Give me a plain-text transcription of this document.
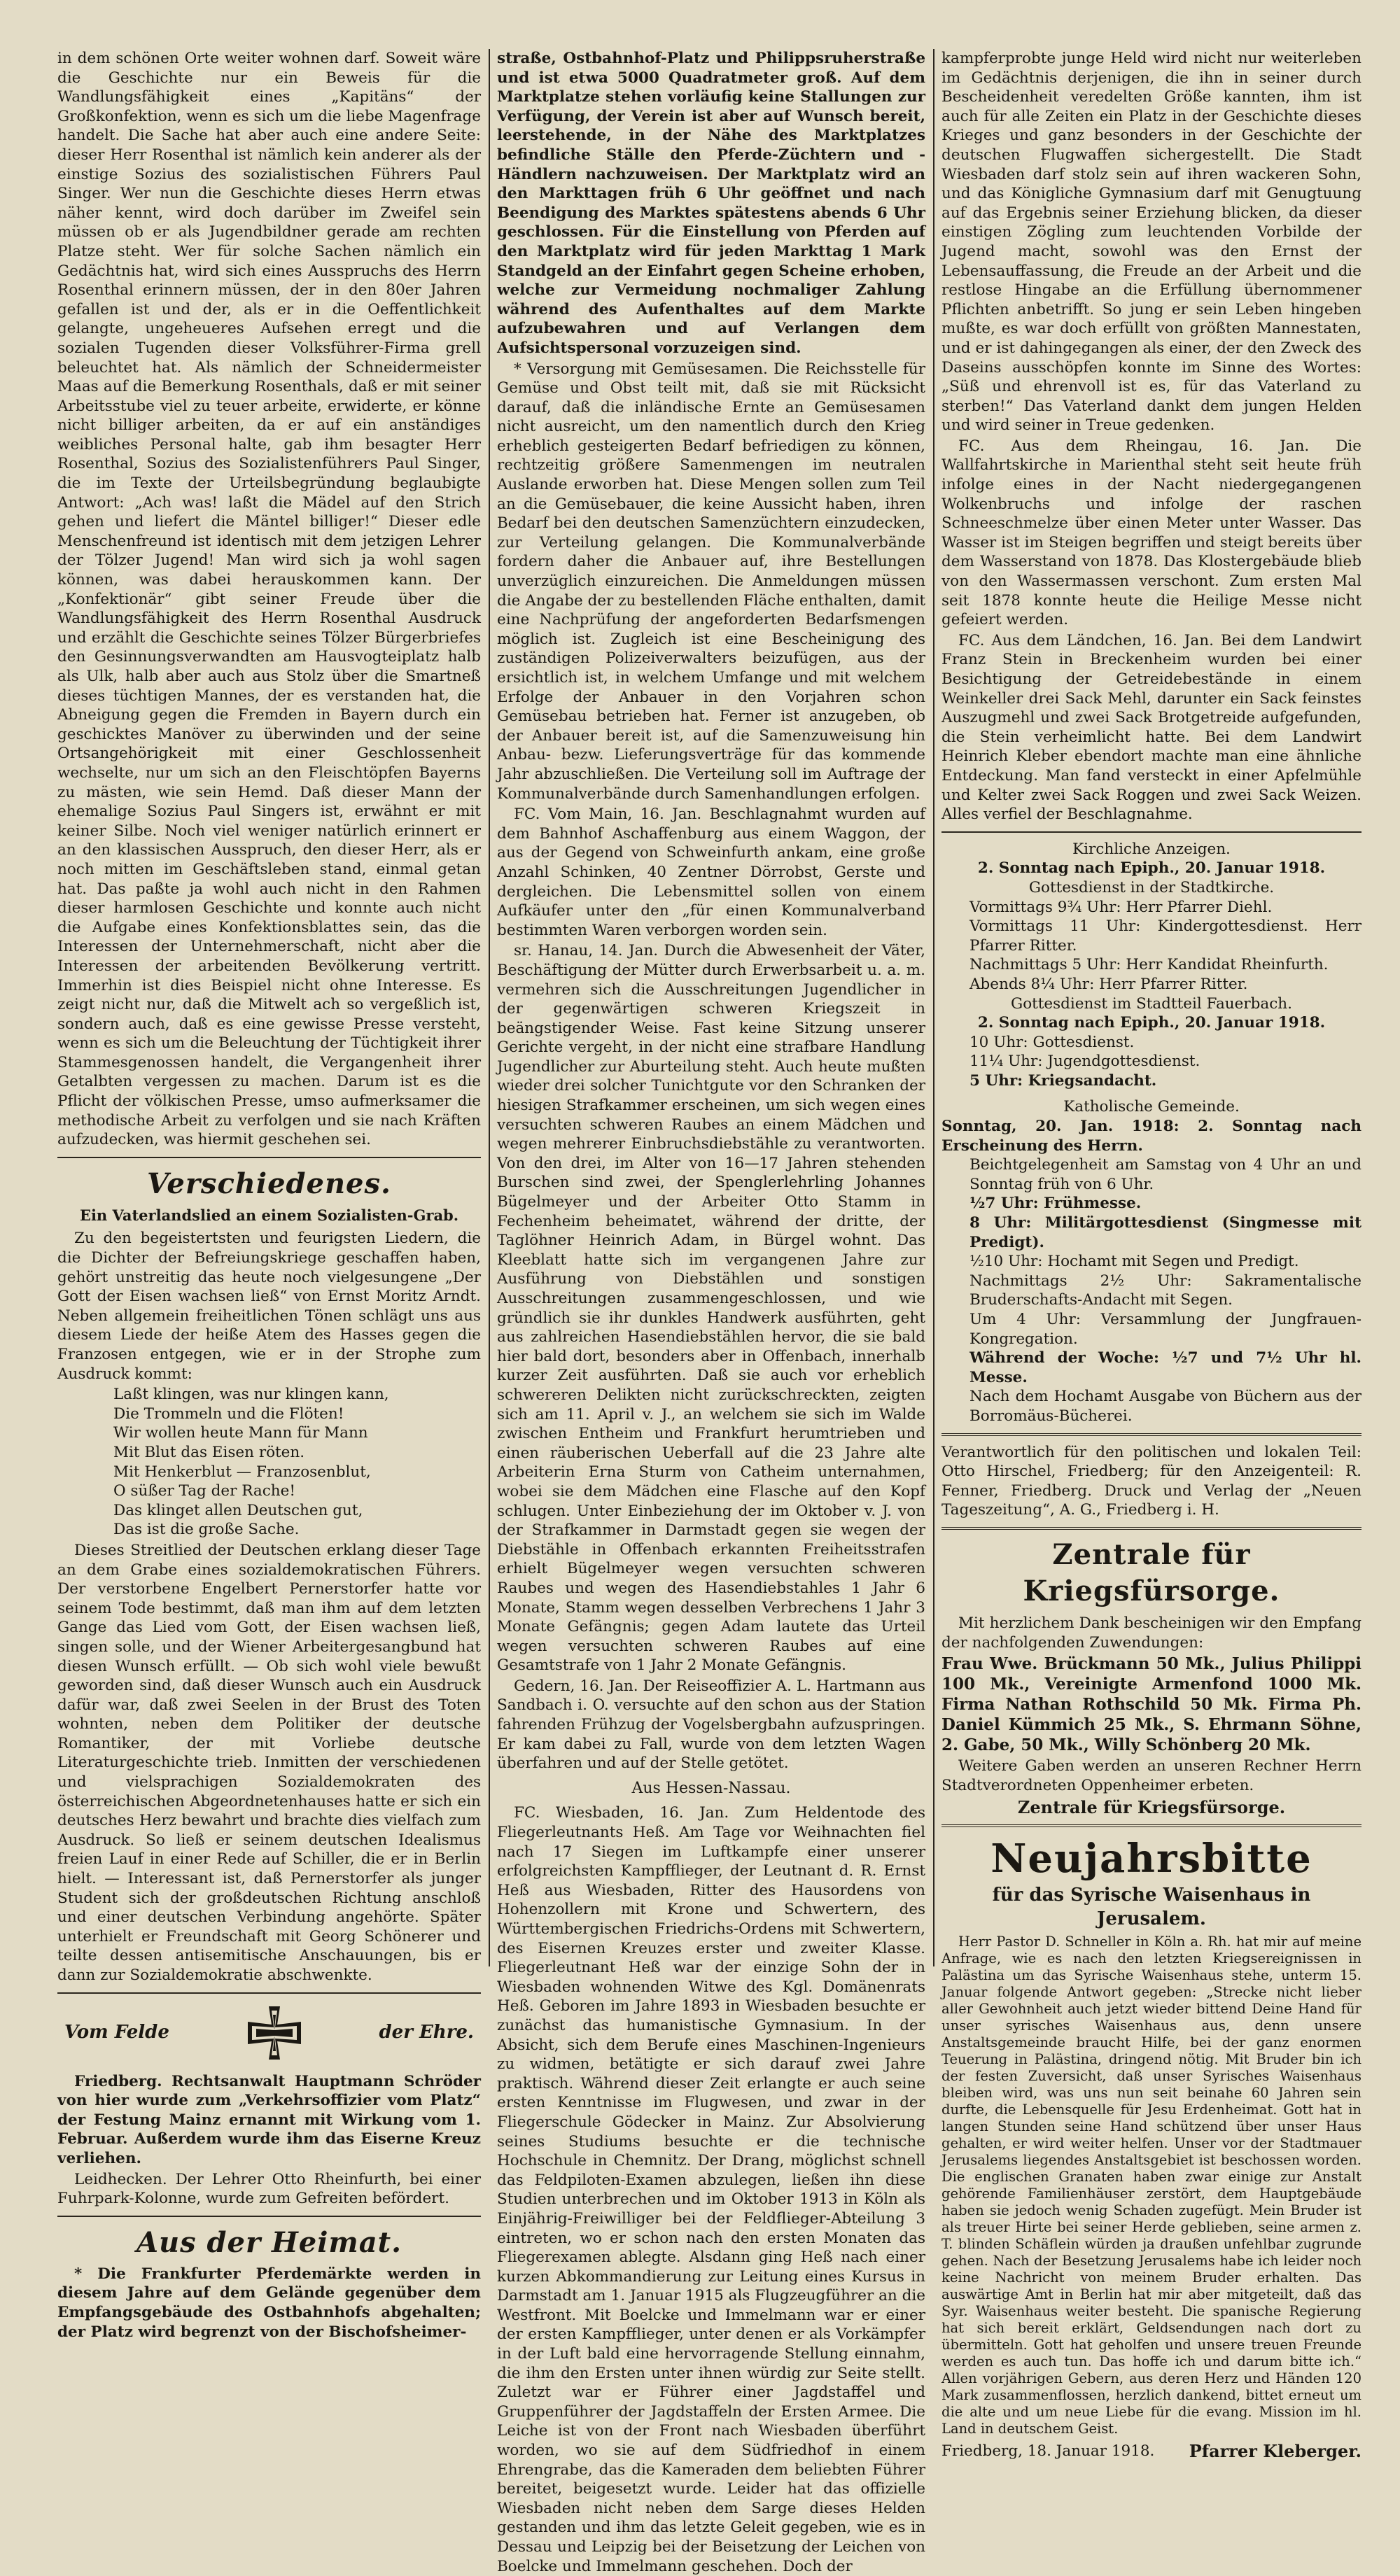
in dem schönen Orte weiter wohnen darf. Soweit wäre die Geschichte nur ein Beweis für die Wandlungsfähigkeit eines „Kapitäns“ der Großkonfektion, wenn es sich um die liebe Magenfrage handelt. Die Sache hat aber auch eine andere Seite: dieser Herr Rosenthal ist nämlich kein anderer als der einstige Sozius des sozialistischen Führers Paul Singer. Wer nun die Geschichte dieses Herrn etwas näher kennt, wird doch darüber im Zweifel sein müssen ob er als Jugendbildner gerade am rechten Platze steht. Wer für solche Sachen nämlich ein Gedächtnis hat, wird sich eines Ausspruchs des Herrn Rosenthal erinnern müssen, der in den 80er Jahren gefallen ist und der, als er in die Oeffentlichkeit gelangte, ungeheueres Aufsehen erregt und die sozialen Tugenden dieser Volksführer-Firma grell beleuchtet hat. Als nämlich der Schneidermeister Maas auf die Bemerkung Rosenthals, daß er mit seiner Arbeitsstube viel zu teuer arbeite, erwiderte, er könne nicht billiger arbeiten, da er auf ein anständiges weibliches Personal halte, gab ihm besagter Herr Rosenthal, Sozius des Sozialistenführers Paul Singer, die im Texte der Urteilsbegründung beglaubigte Antwort: „Ach was! laßt die Mädel auf den Strich gehen und liefert die Mäntel billiger!“ Dieser edle Menschenfreund ist identisch mit dem jetzigen Lehrer der Tölzer Jugend! Man wird sich ja wohl sagen können, was dabei herauskommen kann. Der „Konfektionär“ gibt seiner Freude über die Wandlungsfähigkeit des Herrn Rosenthal Ausdruck und erzählt die Geschichte seines Tölzer Bürgerbriefes den Gesinnungsverwandten am Hausvogteiplatz halb als Ulk, halb aber auch aus Stolz über die Smartneß dieses tüchtigen Mannes, der es verstanden hat, die Abneigung gegen die Fremden in Bayern durch ein geschicktes Manöver zu überwinden und der seine Ortsangehörigkeit mit einer Geschlossenheit wechselte, nur um sich an den Fleischtöpfen Bayerns zu mästen, wie sein Hemd. Daß dieser Mann der ehemalige Sozius Paul Singers ist, erwähnt er mit keiner Silbe. Noch viel weniger natürlich erinnert er an den klassischen Ausspruch, den dieser Herr, als er noch mitten im Geschäftsleben stand, einmal getan hat. Das paßte ja wohl auch nicht in den Rahmen dieser harmlosen Geschichte und konnte auch nicht die Aufgabe eines Konfektionsblattes sein, das die Interessen der Unternehmerschaft, nicht aber die Interessen der arbeitenden Bevölkerung vertritt. Immerhin ist dies Beispiel nicht ohne Interesse. Es zeigt nicht nur, daß die Mitwelt ach so vergeßlich ist, sondern auch, daß es eine gewisse Presse versteht, wenn es sich um die Beleuchtung der Tüchtigkeit ihrer Stammesgenossen handelt, die Vergangenheit ihrer Getalbten vergessen zu machen. Darum ist es die Pflicht der völkischen Presse, umso aufmerksamer die methodische Arbeit zu verfolgen und sie nach Kräften aufzudecken, was hiermit geschehen sei.

Verschiedenes.
Ein Vaterlandslied an einem Sozialisten-Grab.

Zu den begeistertsten und feurigsten Liedern, die die Dichter der Befreiungskriege geschaffen haben, gehört unstreitig das heute noch vielgesungene „Der Gott der Eisen wachsen ließ“ von Ernst Moritz Arndt. Neben allgemein freiheitlichen Tönen schlägt uns aus diesem Liede der heiße Atem des Hasses gegen die Franzosen entgegen, wie er in der Strophe zum Ausdruck kommt:

Laßt klingen, was nur klingen kann,

Die Trommeln und die Flöten!

Wir wollen heute Mann für Mann

Mit Blut das Eisen röten.

Mit Henkerblut — Franzosenblut,

O süßer Tag der Rache!

Das klinget allen Deutschen gut,

Das ist die große Sache.

Dieses Streitlied der Deutschen erklang dieser Tage an dem Grabe eines sozialdemokratischen Führers. Der verstorbene Engelbert Pernerstorfer hatte vor seinem Tode bestimmt, daß man ihm auf dem letzten Gange das Lied vom Gott, der Eisen wachsen ließ, singen solle, und der Wiener Arbeitergesangbund hat diesen Wunsch erfüllt. — Ob sich wohl viele bewußt geworden sind, daß dieser Wunsch auch ein Ausdruck dafür war, daß zwei Seelen in der Brust des Toten wohnten, neben dem Politiker der deutsche Romantiker, der mit Vorliebe deutsche Literaturgeschichte trieb. Inmitten der verschiedenen und vielsprachigen Sozialdemokraten des österreichischen Abgeordnetenhauses hatte er sich ein deutsches Herz bewahrt und brachte dies vielfach zum Ausdruck. So ließ er seinem deutschen Idealismus freien Lauf in einer Rede auf Schiller, die er in Berlin hielt. — Interessant ist, daß Pernerstorfer als junger Student sich der großdeutschen Richtung anschloß und einer deutschen Verbindung angehörte. Später unterhielt er Freundschaft mit Georg Schönerer und teilte dessen antisemitische Anschauungen, bis er dann zur Sozialdemokratie abschwenkte.

Vom Felde	der Ehre.

Friedberg. Rechtsanwalt Hauptmann Schröder von hier wurde zum „Verkehrsoffizier vom Platz“ der Festung Mainz ernannt mit Wirkung vom 1. Februar. Außerdem wurde ihm das Eiserne Kreuz verliehen.

Leidhecken. Der Lehrer Otto Rheinfurth, bei einer Fuhrpark-Kolonne, wurde zum Gefreiten befördert.

Aus der Heimat.

* Die Frankfurter Pferdemärkte werden in diesem Jahre auf dem Gelände gegenüber dem Empfangsgebäude des Ostbahnhofs abgehalten; der Platz wird begrenzt von der Bischofsheimer-

straße, Ostbahnhof-Platz und Philippsruherstraße und ist etwa 5000 Quadratmeter groß. Auf dem Marktplatze stehen vorläufig keine Stallungen zur Verfügung, der Verein ist aber auf Wunsch bereit, leerstehende, in der Nähe des Marktplatzes befindliche Ställe den Pferde-Züchtern und -Händlern nachzuweisen. Der Marktplatz wird an den Markttagen früh 6 Uhr geöffnet und nach Beendigung des Marktes spätestens abends 6 Uhr geschlossen. Für die Einstellung von Pferden auf den Marktplatz wird für jeden Markttag 1 Mark Standgeld an der Einfahrt gegen Scheine erhoben, welche zur Vermeidung nochmaliger Zahlung während des Aufenthaltes auf dem Markte aufzubewahren und auf Verlangen dem Aufsichtspersonal vorzuzeigen sind.

* Versorgung mit Gemüsesamen. Die Reichsstelle für Gemüse und Obst teilt mit, daß sie mit Rücksicht darauf, daß die inländische Ernte an Gemüsesamen nicht ausreicht, um den namentlich durch den Krieg erheblich gesteigerten Bedarf befriedigen zu können, rechtzeitig größere Samenmengen im neutralen Auslande erworben hat. Diese Mengen sollen zum Teil an die Gemüsebauer, die keine Aussicht haben, ihren Bedarf bei den deutschen Samenzüchtern einzudecken, zur Verteilung gelangen. Die Kommunalverbände fordern daher die Anbauer auf, ihre Bestellungen unverzüglich einzureichen. Die Anmeldungen müssen die Angabe der zu bestellenden Fläche enthalten, damit eine Nachprüfung der angeforderten Bedarfsmengen möglich ist. Zugleich ist eine Bescheinigung des zuständigen Polizeiverwalters beizufügen, aus der ersichtlich ist, in welchem Umfange und mit welchem Erfolge der Anbauer in den Vorjahren schon Gemüsebau betrieben hat. Ferner ist anzugeben, ob der Anbauer bereit ist, auf die Samenzuweisung hin Anbau- bezw. Lieferungsverträge für das kommende Jahr abzuschließen. Die Verteilung soll im Auftrage der Kommunalverbände durch Samenhandlungen erfolgen.

FC. Vom Main, 16. Jan. Beschlagnahmt wurden auf dem Bahnhof Aschaffenburg aus einem Waggon, der aus der Gegend von Schweinfurth ankam, eine große Anzahl Schinken, 40 Zentner Dörrobst, Gerste und dergleichen. Die Lebensmittel sollen von einem Aufkäufer unter den „für einen Kommunalverband bestimmten Waren verborgen worden sein.

sr. Hanau, 14. Jan. Durch die Abwesenheit der Väter, Beschäftigung der Mütter durch Erwerbsarbeit u. a. m. vermehren sich die Ausschreitungen Jugendlicher in der gegenwärtigen schweren Kriegszeit in beängstigender Weise. Fast keine Sitzung unserer Gerichte vergeht, in der nicht eine strafbare Handlung Jugendlicher zur Aburteilung steht. Auch heute mußten wieder drei solcher Tunichtgute vor den Schranken der hiesigen Strafkammer erscheinen, um sich wegen eines versuchten schweren Raubes an einem Mädchen und wegen mehrerer Einbruchsdiebstähle zu verantworten. Von den drei, im Alter von 16—17 Jahren stehenden Burschen sind zwei, der Spenglerlehrling Johannes Bügelmeyer und der Arbeiter Otto Stamm in Fechenheim beheimatet, während der dritte, der Taglöhner Heinrich Adam, in Bürgel wohnt. Das Kleeblatt hatte sich im vergangenen Jahre zur Ausführung von Diebstählen und sonstigen Ausschreitungen zusammengeschlossen, und wie gründlich sie ihr dunkles Handwerk ausführten, geht aus zahlreichen Hasendiebstählen hervor, die sie bald hier bald dort, besonders aber in Offenbach, innerhalb kurzer Zeit ausführten. Daß sie auch vor erheblich schwereren Delikten nicht zurückschreckten, zeigten sich am 11. April v. J., an welchem sie sich im Walde zwischen Entheim und Frankfurt herumtrieben und einen räuberischen Ueberfall auf die 23 Jahre alte Arbeiterin Erna Sturm von Catheim unternahmen, wobei sie dem Mädchen eine Flasche auf den Kopf schlugen. Unter Einbeziehung der im Oktober v. J. von der Strafkammer in Darmstadt gegen sie wegen der Diebstähle in Offenbach erkannten Freiheitsstrafen erhielt Bügelmeyer wegen versuchten schweren Raubes und wegen des Hasendiebstahles 1 Jahr 6 Monate, Stamm wegen desselben Verbrechens 1 Jahr 3 Monate Gefängnis; gegen Adam lautete das Urteil wegen versuchten schweren Raubes auf eine Gesamtstrafe von 1 Jahr 2 Monate Gefängnis.

Gedern, 16. Jan. Der Reiseoffizier A. L. Hartmann aus Sandbach i. O. versuchte auf den schon aus der Station fahrenden Frühzug der Vogelsbergbahn aufzuspringen. Er kam dabei zu Fall, wurde von dem letzten Wagen überfahren und auf der Stelle getötet.

Aus Hessen-Nassau.

FC. Wiesbaden, 16. Jan. Zum Heldentode des Fliegerleutnants Heß. Am Tage vor Weihnachten fiel nach 17 Siegen im Luftkampfe einer unserer erfolgreichsten Kampfflieger, der Leutnant d. R. Ernst Heß aus Wiesbaden, Ritter des Hausordens von Hohenzollern mit Krone und Schwertern, des Württembergischen Friedrichs-Ordens mit Schwertern, des Eisernen Kreuzes erster und zweiter Klasse. Fliegerleutnant Heß war der einzige Sohn der in Wiesbaden wohnenden Witwe des Kgl. Domänenrats Heß. Geboren im Jahre 1893 in Wiesbaden besuchte er zunächst das humanistische Gymnasium. In der Absicht, sich dem Berufe eines Maschinen-Ingenieurs zu widmen, betätigte er sich darauf zwei Jahre praktisch. Während dieser Zeit erlangte er auch seine ersten Kenntnisse im Flugwesen, und zwar in der Fliegerschule Gödecker in Mainz. Zur Absolvierung seines Studiums besuchte er die technische Hochschule in Chemnitz. Der Drang, möglichst schnell das Feldpiloten-Examen abzulegen, ließen ihn diese Studien unterbrechen und im Oktober 1913 in Köln als Einjährig-Freiwilliger bei der Feldflieger-Abteilung 3 eintreten, wo er schon nach den ersten Monaten das Fliegerexamen ablegte. Alsdann ging Heß nach einer kurzen Abkommandierung zur Leitung eines Kursus in Darmstadt am 1. Januar 1915 als Flugzeugführer an die Westfront. Mit Boelcke und Immelmann war er einer der ersten Kampfflieger, unter denen er als Vorkämpfer in der Luft bald eine hervorragende Stellung einnahm, die ihm den Ersten unter ihnen würdig zur Seite stellt. Zuletzt war er Führer einer Jagdstaffel und Gruppenführer der Jagdstaffeln der Ersten Armee. Die Leiche ist von der Front nach Wiesbaden überführt worden, wo sie auf dem Südfriedhof in einem Ehrengrabe, das die Kameraden dem beliebten Führer bereitet, beigesetzt wurde. Leider hat das offizielle Wiesbaden nicht neben dem Sarge dieses Helden gestanden und ihm das letzte Geleit gegeben, wie es in Dessau und Leipzig bei der Beisetzung der Leichen von Boelcke und Immelmann geschehen. Doch der

kampferprobte junge Held wird nicht nur weiterleben im Gedächtnis derjenigen, die ihn in seiner durch Bescheidenheit veredelten Größe kannten, ihm ist auch für alle Zeiten ein Platz in der Geschichte dieses Krieges und ganz besonders in der Geschichte der deutschen Flugwaffen sichergestellt. Die Stadt Wiesbaden darf stolz sein auf ihren wackeren Sohn, und das Königliche Gymnasium darf mit Genugtuung auf das Ergebnis seiner Erziehung blicken, da dieser einstigen Zögling zum leuchtenden Vorbilde der Jugend macht, sowohl was den Ernst der Lebensauffassung, die Freude an der Arbeit und die restlose Hingabe an die Erfüllung übernommener Pflichten anbetrifft. So jung er sein Leben hingeben mußte, es war doch erfüllt von größten Mannestaten, und er ist dahingegangen als einer, der den Zweck des Daseins ausschöpfen konnte im Sinne des Wortes: „Süß und ehrenvoll ist es, für das Vaterland zu sterben!“ Das Vaterland dankt dem jungen Helden und wird seiner in Treue gedenken.

FC. Aus dem Rheingau, 16. Jan. Die Wallfahrtskirche in Marienthal steht seit heute früh infolge eines in der Nacht niedergegangenen Wolkenbruchs und infolge der raschen Schneeschmelze über einen Meter unter Wasser. Das Wasser ist im Steigen begriffen und steigt bereits über dem Wasserstand von 1878. Das Klostergebäude blieb von den Wassermassen verschont. Zum ersten Mal seit 1878 konnte heute die Heilige Messe nicht gefeiert werden.

FC. Aus dem Ländchen, 16. Jan. Bei dem Landwirt Franz Stein in Breckenheim wurden bei einer Besichtigung der Getreidebestände in einem Weinkeller drei Sack Mehl, darunter ein Sack feinstes Auszugmehl und zwei Sack Brotgetreide aufgefunden, die Stein verheimlicht hatte. Bei dem Landwirt Heinrich Kleber ebendort machte man eine ähnliche Entdeckung. Man fand versteckt in einer Apfelmühle und Kelter zwei Sack Roggen und zwei Sack Weizen. Alles verfiel der Beschlagnahme.

Kirchliche Anzeigen.
2. Sonntag nach Epiph., 20. Januar 1918.
Gottesdienst in der Stadtkirche.
Vormittags 9¾ Uhr: Herr Pfarrer Diehl.
Vormittags 11 Uhr: Kindergottesdienst. Herr Pfarrer Ritter.
Nachmittags 5 Uhr: Herr Kandidat Rheinfurth.
Abends 8¼ Uhr: Herr Pfarrer Ritter.
Gottesdienst im Stadtteil Fauerbach.
2. Sonntag nach Epiph., 20. Januar 1918.
10 Uhr: Gottesdienst.
11¼ Uhr: Jugendgottesdienst.
5 Uhr: Kriegsandacht.
Katholische Gemeinde.
Sonntag, 20. Jan. 1918: 2. Sonntag nach Erscheinung des Herrn.
Beichtgelegenheit am Samstag von 4 Uhr an und Sonntag früh von 6 Uhr.
½7 Uhr: Frühmesse.
8 Uhr: Militärgottesdienst (Singmesse mit Predigt).
½10 Uhr: Hochamt mit Segen und Predigt.
Nachmittags 2½ Uhr: Sakramentalische Bruderschafts-Andacht mit Segen.
Um 4 Uhr: Versammlung der Jungfrauen-Kongregation.
Während der Woche: ½7 und 7½ Uhr hl. Messe.
Nach dem Hochamt Ausgabe von Büchern aus der Borromäus-Bücherei.

Verantwortlich für den politischen und lokalen Teil: Otto Hirschel, Friedberg; für den Anzeigenteil: R. Fenner, Friedberg. Druck und Verlag der „Neuen Tageszeitung“, A. G., Friedberg i. H.

Zentrale für Kriegsfürsorge.

Mit herzlichem Dank bescheinigen wir den Empfang der nachfolgenden Zuwendungen:

Frau Wwe. Brückmann 50 Mk., Julius Philippi 100 Mk., Vereinigte Armenfond 1000 Mk. Firma Nathan Rothschild 50 Mk. Firma Ph. Daniel Kümmich 25 Mk., S. Ehrmann Söhne, 2. Gabe, 50 Mk., Willy Schönberg 20 Mk.

Weitere Gaben werden an unseren Rechner Herrn Stadtverordneten Oppenheimer erbeten.

Zentrale für Kriegsfürsorge.
Neujahrsbitte
für das Syrische Waisenhaus in Jerusalem.

Herr Pastor D. Schneller in Köln a. Rh. hat mir auf meine Anfrage, wie es nach den letzten Kriegsereignissen in Palästina um das Syrische Waisenhaus stehe, unterm 15. Januar folgende Antwort gegeben: „Strecke nicht lieber aller Gewohnheit auch jetzt wieder bittend Deine Hand für unser syrisches Waisenhaus aus, denn unsere Anstaltsgemeinde braucht Hilfe, bei der ganz enormen Teuerung in Palästina, dringend nötig. Mit Bruder bin ich der festen Zuversicht, daß unser Syrisches Waisenhaus bleiben wird, was uns nun seit beinahe 60 Jahren sein durfte, die Lebensquelle für Jesu Erdenheimat. Gott hat in langen Stunden seine Hand schützend über unser Haus gehalten, er wird weiter helfen. Unser vor der Stadtmauer Jerusalems liegendes Anstaltsgebiet ist beschossen worden. Die englischen Granaten haben zwar einige zur Anstalt gehörende Familienhäuser zerstört, dem Hauptgebäude haben sie jedoch wenig Schaden zugefügt. Mein Bruder ist als treuer Hirte bei seiner Herde geblieben, seine armen z. T. blinden Schäflein würden ja draußen unfehlbar zugrunde gehen. Nach der Besetzung Jerusalems habe ich leider noch keine Nachricht von meinem Bruder erhalten. Das auswärtige Amt in Berlin hat mir aber mitgeteilt, daß das Syr. Waisenhaus weiter besteht. Die spanische Regierung hat sich bereit erklärt, Geldsendungen nach dort zu übermitteln. Gott hat geholfen und unsere treuen Freunde werden es auch tun. Das hoffe ich und darum bitte ich.“ Allen vorjährigen Gebern, aus deren Herz und Händen 120 Mark zusammenflossen, herzlich dankend, bittet erneut um die alte und um neue Liebe für die evang. Mission im hl. Land in deutschem Geist.

Friedberg, 18. Januar 1918. Pfarrer Kleberger.
